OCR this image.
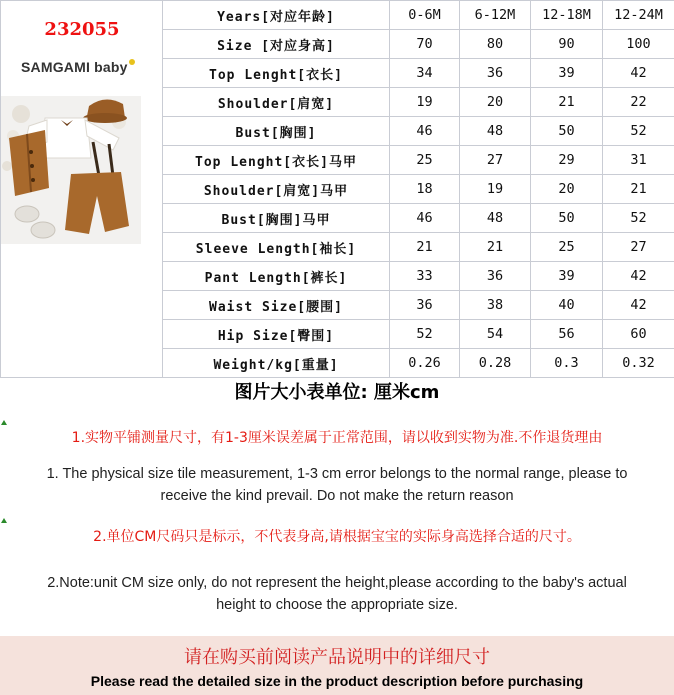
232055
SAMGAMI baby	Years[对应年龄]	0-6M	6-12M	12-18M	12-24M
	Size [对应身高]	70	80	90	100
	Top Lenght[衣长]	34	36	39	42
	Shoulder[肩宽]	19	20	21	22
	Bust[胸围]	46	48	50	52
	Top Lenght[衣长]马甲	25	27	29	31
	Shoulder[肩宽]马甲	18	19	20	21
	Bust[胸围]马甲	46	48	50	52
	Sleeve Length[袖长]	21	21	25	27
	Pant Length[裤长]	33	36	39	42
	Waist Size[腰围]	36	38	40	42
	Hip Size[臀围]	52	54	56	60
	Weight/kg[重量]	0.26	0.28	0.3	0.32
图片大小表单位: 厘米cm
1.实物平铺测量尺寸，有1-3厘米误差属于正常范围，请以收到实物为准.不作退货理由
1. The physical size tile measurement, 1-3 cm error belongs to the normal range, please to receive the kind prevail. Do not make the return reason
2.单位CM尺码只是标示，不代表身高,请根据宝宝的实际身高选择合适的尺寸。
2.Note:unit CM size only, do not represent the height,please according to the baby's actual height to choose the appropriate size.
请在购买前阅读产品说明中的详细尺寸
Please read the detailed size in the product description before purchasing
